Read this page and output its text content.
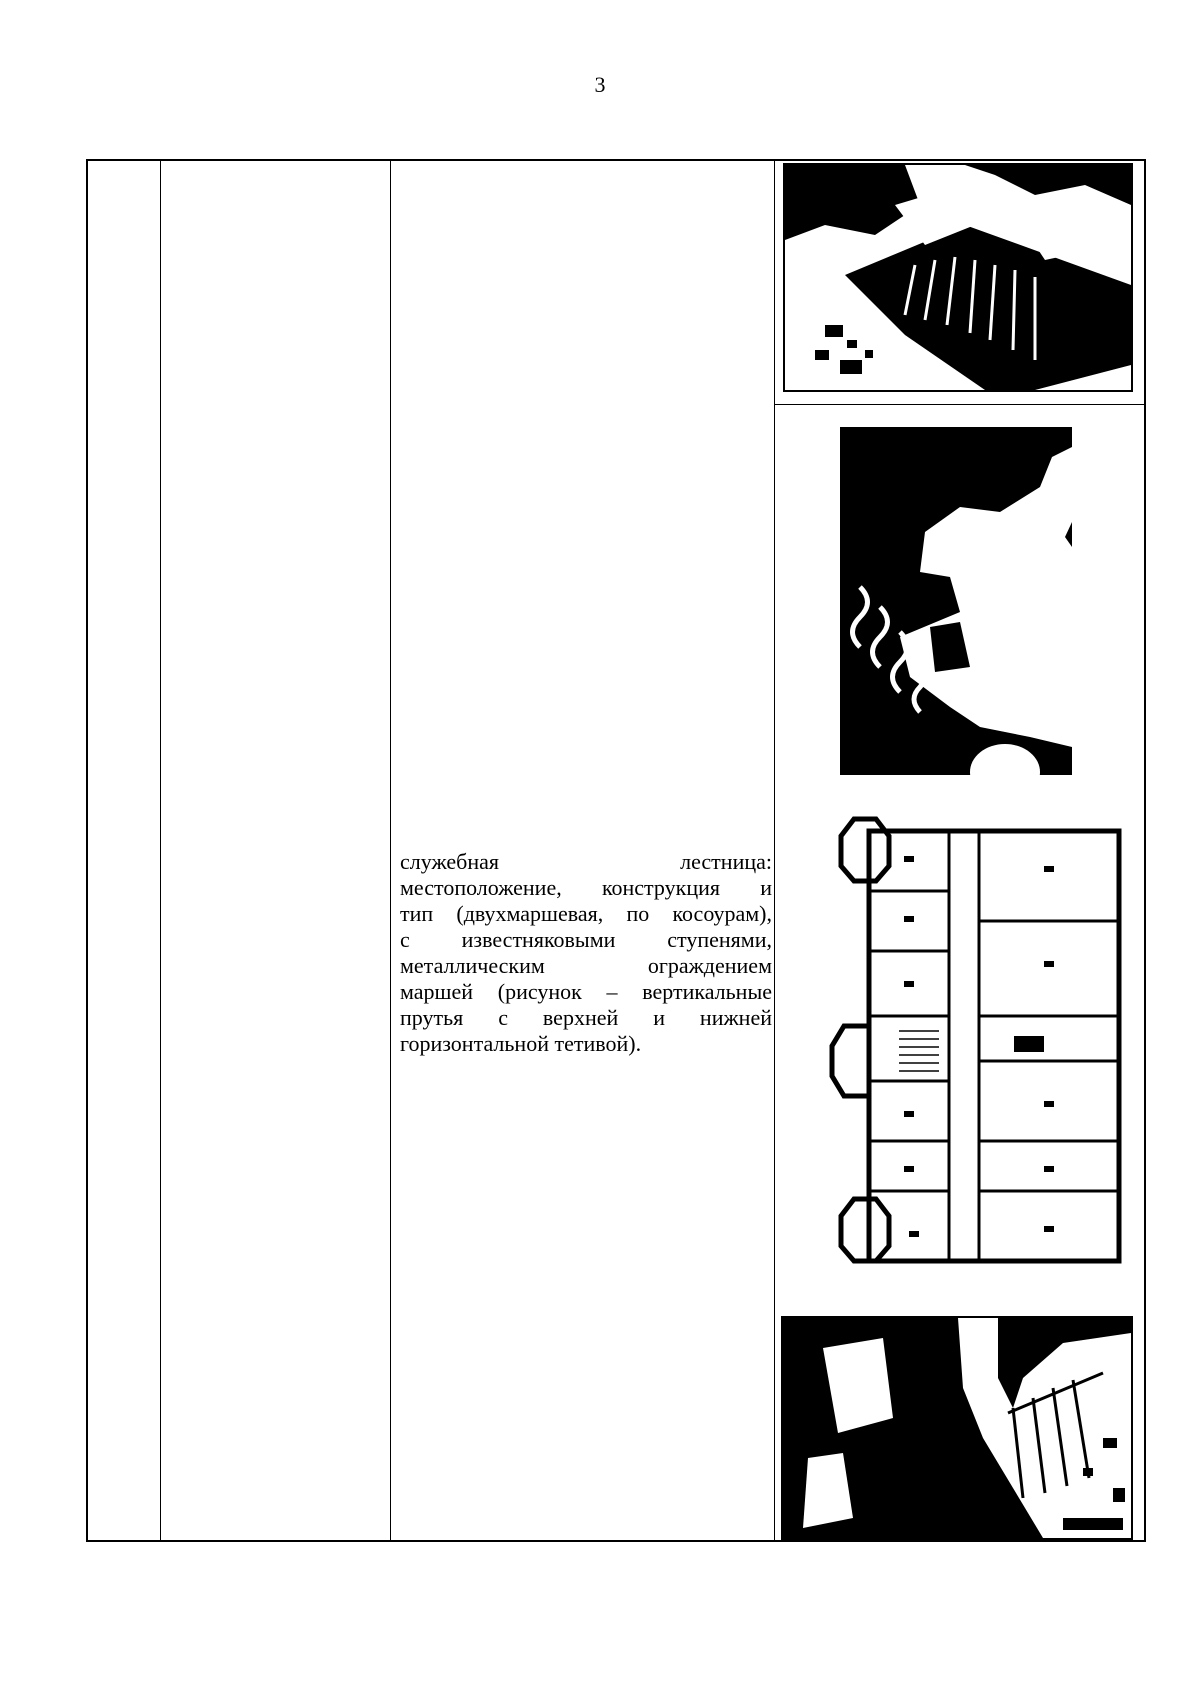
3
служебная лестница:
местоположение, конструкция и
тип (двухмаршевая, по косоурам),
с известняковыми ступенями,
металлическим ограждением
маршей (рисунок – вертикальные
прутья с верхней и нижней
горизонтальной тетивой).
